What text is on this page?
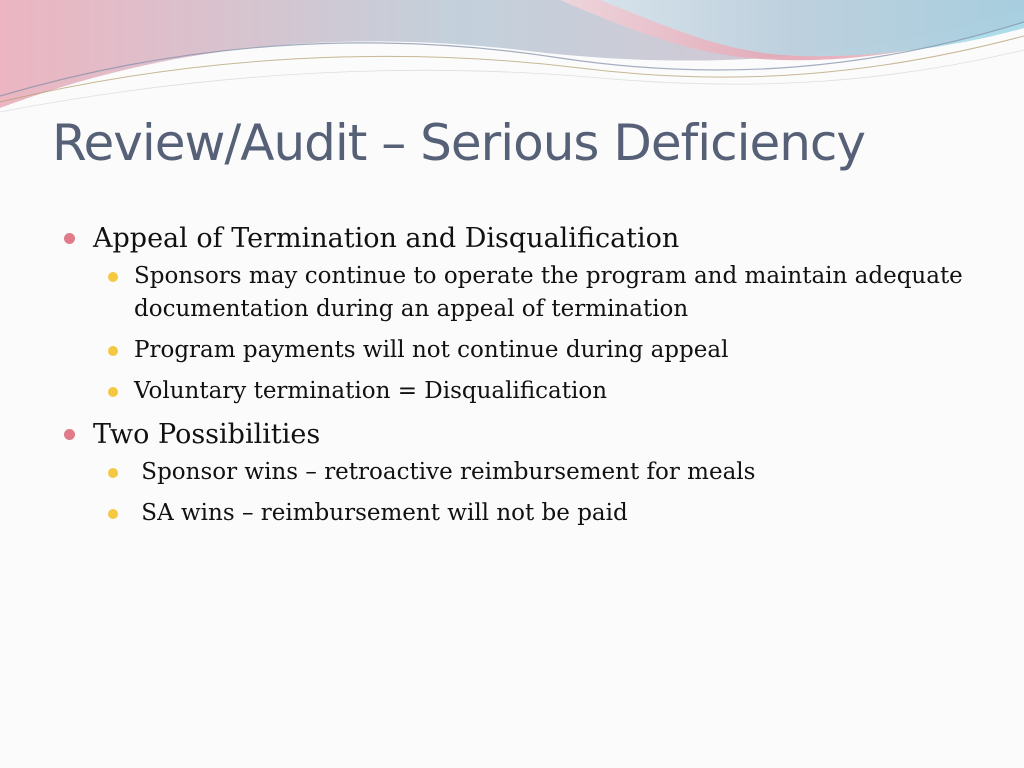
Review/Audit – Serious Deficiency
Appeal of Termination and Disqualification
Sponsors may continue to operate the program and maintain adequate documentation during an appeal of termination
Program payments will not continue during appeal
Voluntary termination = Disqualification
Two Possibilities
Sponsor wins – retroactive reimbursement for meals
SA wins – reimbursement will not be paid
